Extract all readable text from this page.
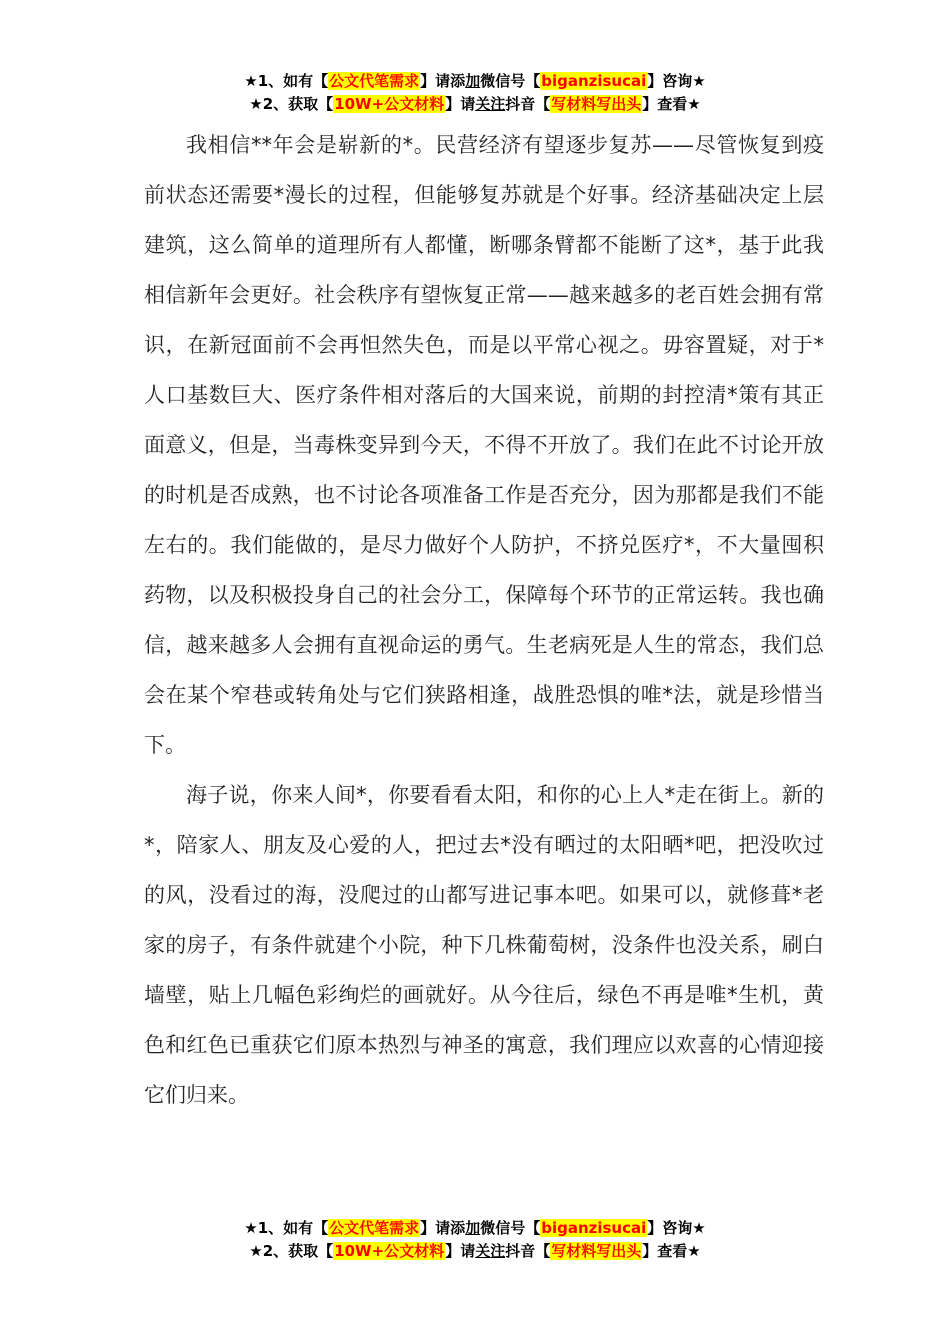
★1、如有【公文代笔需求】请添加微信号【biganzisucai】咨询★
★2、获取【10W+公文材料】请关注抖音【写材料写出头】查看★

我相信**年会是崭新的*。民营经济有望逐步复苏——尽管恢复到疫前状态还需要*漫长的过程，但能够复苏就是个好事。经济基础决定上层建筑，这么简单的道理所有人都懂，断哪条臂都不能断了这*，基于此我相信新年会更好。社会秩序有望恢复正常——越来越多的老百姓会拥有常识，在新冠面前不会再怛然失色，而是以平常心视之。毋容置疑，对于*人口基数巨大、医疗条件相对落后的大国来说，前期的封控清*策有其正面意义，但是，当毒株变异到今天，不得不开放了。我们在此不讨论开放的时机是否成熟，也不讨论各项准备工作是否充分，因为那都是我们不能左右的。我们能做的，是尽力做好个人防护，不挤兑医疗*，不大量囤积药物，以及积极投身自己的社会分工，保障每个环节的正常运转。我也确信，越来越多人会拥有直视命运的勇气。生老病死是人生的常态，我们总会在某个窄巷或转角处与它们狭路相逢，战胜恐惧的唯*法，就是珍惜当下。

海子说，你来人间*，你要看看太阳，和你的心上人*走在街上。新的*，陪家人、朋友及心爱的人，把过去*没有晒过的太阳晒*吧，把没吹过的风，没看过的海，没爬过的山都写进记事本吧。如果可以，就修葺*老家的房子，有条件就建个小院，种下几株葡萄树，没条件也没关系，刷白墙壁，贴上几幅色彩绚烂的画就好。从今往后，绿色不再是唯*生机，黄色和红色已重获它们原本热烈与神圣的寓意，我们理应以欢喜的心情迎接它们归来。

★1、如有【公文代笔需求】请添加微信号【biganzisucai】咨询★
★2、获取【10W+公文材料】请关注抖音【写材料写出头】查看★
